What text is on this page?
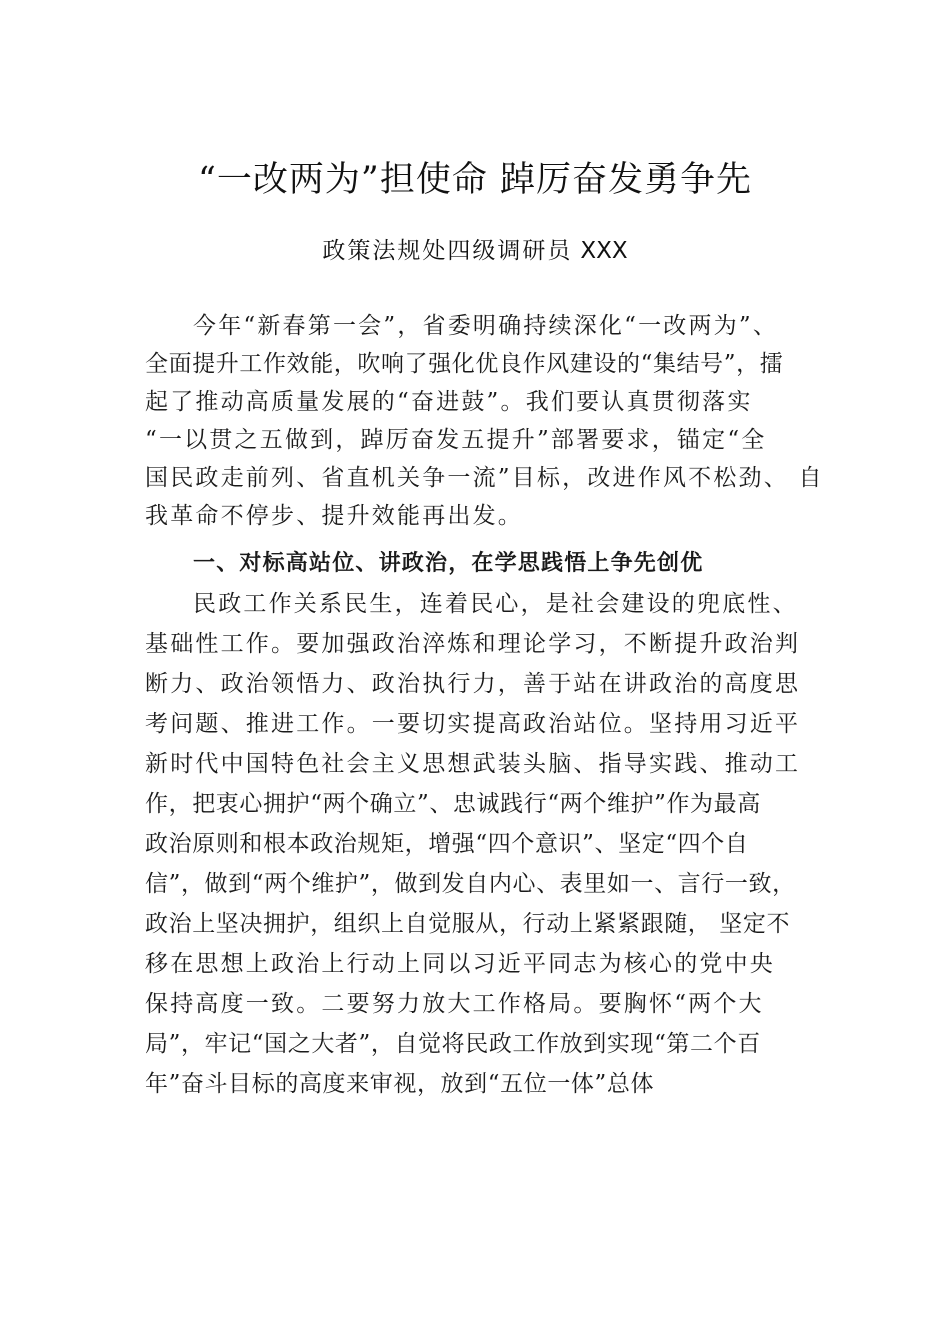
“一改两为”担使命 踔厉奋发勇争先
政策法规处四级调研员 XXX
今年“新春第一会”，省委明确持续深化“一改两为”、
全面提升工作效能，吹响了强化优良作风建设的“集结号”，擂
起了推动高质量发展的“奋进鼓”。我们要认真贯彻落实
“一以贯之五做到，踔厉奋发五提升”部署要求，锚定“全
国民政走前列、省直机关争一流”目标，改进作风不松劲、 自
我革命不停步、提升效能再出发。
一、对标高站位、讲政治，在学思践悟上争先创优
民政工作关系民生，连着民心，是社会建设的兜底性、
基础性工作。要加强政治淬炼和理论学习，不断提升政治判
断力、政治领悟力、政治执行力，善于站在讲政治的高度思
考问题、推进工作。一要切实提高政治站位。坚持用习近平
新时代中国特色社会主义思想武装头脑、指导实践、推动工
作，把衷心拥护“两个确立”、忠诚践行“两个维护”作为最高
政治原则和根本政治规矩，增强“四个意识”、坚定“四个自
信”，做到“两个维护”，做到发自内心、表里如一、言行一致，
政治上坚决拥护，组织上自觉服从，行动上紧紧跟随， 坚定不
移在思想上政治上行动上同以习近平同志为核心的党中央
保持高度一致。二要努力放大工作格局。要胸怀“两个大
局”，牢记“国之大者”，自觉将民政工作放到实现“第二个百
年”奋斗目标的高度来审视，放到“五位一体”总体
